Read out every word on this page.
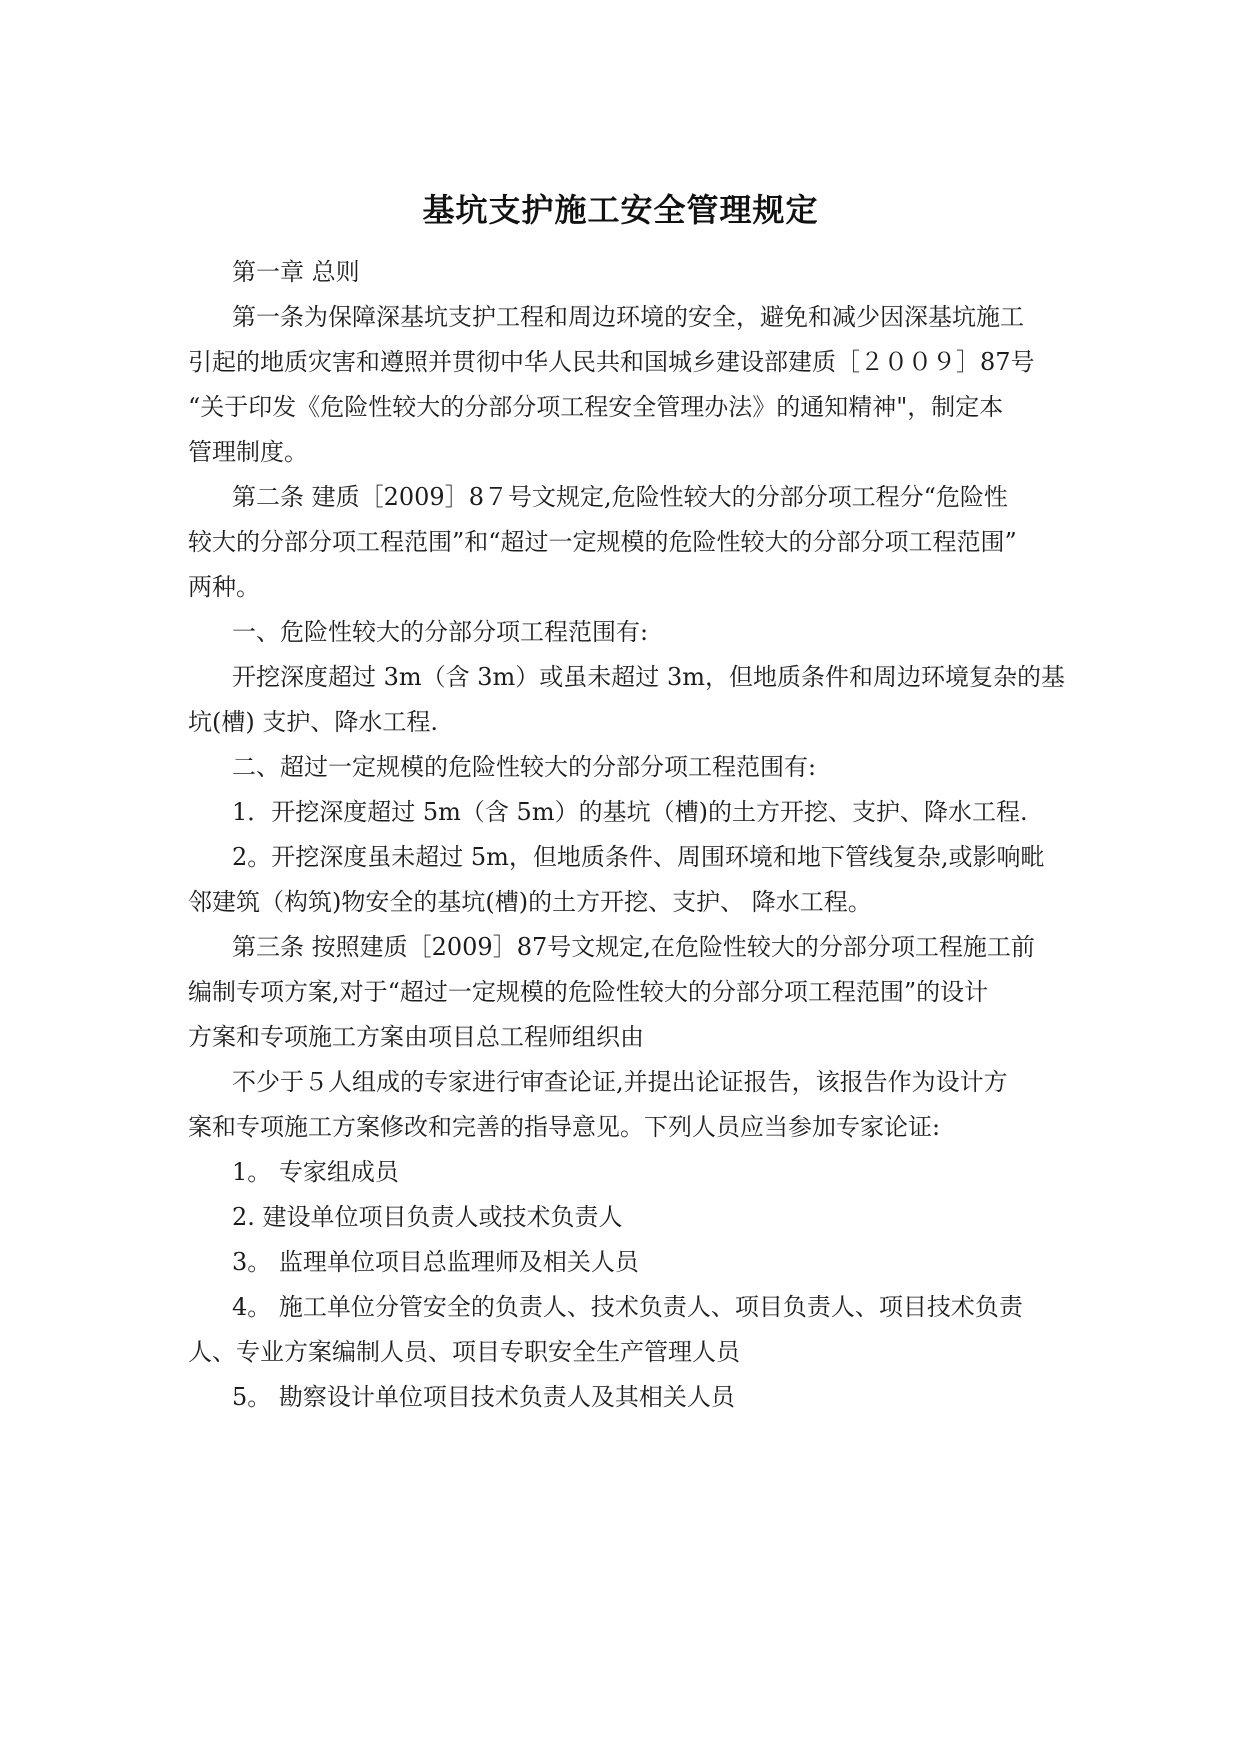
基坑支护施工安全管理规定
第一章 总则
第一条为保障深基坑支护工程和周边环境的安全，避免和减少因深基坑施工
引起的地质灾害和遵照并贯彻中华人民共和国城乡建设部建质［２００９］87号
“关于印发《危险性较大的分部分项工程安全管理办法》的通知精神"，制定本
管理制度。
第二条 建质［2009］8７号文规定,危险性较大的分部分项工程分“危险性
较大的分部分项工程范围”和“超过一定规模的危险性较大的分部分项工程范围”
两种。
一、危险性较大的分部分项工程范围有:
开挖深度超过 3m（含 3m）或虽未超过 3m，但地质条件和周边环境复杂的基
坑(槽) 支护、降水工程.
二、超过一定规模的危险性较大的分部分项工程范围有:
1．开挖深度超过 5m（含 5m）的基坑（槽)的土方开挖、支护、降水工程.
2。开挖深度虽未超过 5m，但地质条件、周围环境和地下管线复杂,或影响毗
邻建筑（构筑)物安全的基坑(槽)的土方开挖、支护、 降水工程。
第三条 按照建质［2009］87号文规定,在危险性较大的分部分项工程施工前
编制专项方案,对于“超过一定规模的危险性较大的分部分项工程范围”的设计
方案和专项施工方案由项目总工程师组织由
不少于５人组成的专家进行审查论证,并提出论证报告，该报告作为设计方
案和专项施工方案修改和完善的指导意见。下列人员应当参加专家论证:
1。 专家组成员
2. 建设单位项目负责人或技术负责人
3。 监理单位项目总监理师及相关人员
4。 施工单位分管安全的负责人、技术负责人、项目负责人、项目技术负责
人、专业方案编制人员、项目专职安全生产管理人员
5。 勘察设计单位项目技术负责人及其相关人员
